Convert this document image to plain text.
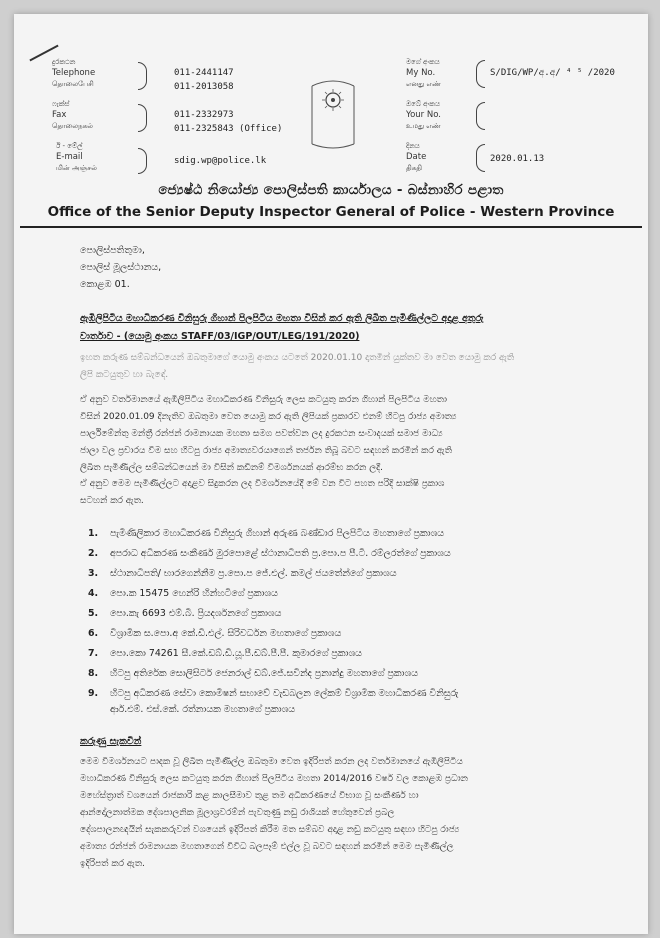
දුරකථන
Telephone
தொலைபேசி
011-2441147
011-2013058
ෆැක්ස්
Fax
தொலைநகல்
011-2332973
011-2325843 (Office)
ඊ - මේල්
E-mail
மின் அஞ்சல்
sdig.wp@police.lk
මගේ අංකය
My No.
எனது எண்
S/DIG/WP/අ.අ/ ⁴ ⁵ /2020
ඔබේ අංකය
Your No.
உமது எண்
දිනය
Date
திகதி
2020.01.13
ජ්‍යෙෂ්ඨ නියෝජ්‍ය පොලිස්පති කාර්යාලය - බස්නාහිර පළාත
Office of the Senior Deputy Inspector General of Police - Western Province
පොලිස්පතිතුමා,
පොලිස් මූලස්ථානය,
කොළඹ 01.
ඇඹිලිපිටිය මහාධිකරණ විනිසුරු ගිහාන් පිලපිටිය මහතා විසින් කර ඇති ලිඛිත පැමිණිල්ලට අදාළ අතුරු
වාර්තාව - (යොමු අංකය STAFF/03/IGP/OUT/LEG/191/2020)
ඉහත කරුණ සම්බන්ධයෙන් ඔබතුමාගේ යොමු අංකය යටතේ 2020.01.10 දාතමින් යුක්තව මා වෙත යොමු කර ඇති
ලිපි කටයුතුව හා බැඳේ.
ඒ අනුව වර්තමානයේ ඇඹිලිපිටිය මහාධිකරණ විනිසුරු ලෙස කටයුතු කරන ගිහාන් පිලපිටිය මහතා
විසින් 2020.01.09 දිනැතිව ඔබතුමා වෙත යොමු කර ඇති ලිපියක් ප්‍රකාරව එනම් හිටපු රාජ්‍ය අමාත්‍ය
පාර්ලිමේන්තු මන්ත්‍රී රන්ජන් රාමනායක මහතා සමග පවත්වන ලද දුරකථන සංවාදයක් සමාජ මාධ්‍ය
ජාලා වල ප්‍රචාරය වීම සහ හිටපු රාජ්‍ය අමාත්‍යවරයාගෙන් තර්ජන තිබූ බවට සඳහන් කරමින් කර ඇති
ලිඛිත පැමිණිල්ල සම්බන්ධයෙන් මා විසින් කඩිනම් විමර්ශනයක් ආරම්භ කරන ලදී.
ඒ අනුව මෙම පැමිණිල්ලට අදාළව සිදුකරන ලද විමර්ශනයේදී මේ වන විට පහත පරිදි සාක්ෂි ප්‍රකාශ
සටහන් කර ඇත.
1. පැමිණිලිකාර මහාධිකරණ විනිසුරු ගිහාන් අරුණ බණ්ඩාර පිලපිටිය මහතාගේ ප්‍රකාශය
2. අපරාධ අධිකරණ සංකීර්ණ මුරපොළේ ස්ථානාධිපති ප්‍ර.පො.ප පී.ටී. රම්ලරත්ගේ ප්‍රකාශය
3. ස්ථානාධිපති/ භාරගෙන්නීම ප්‍ර.පො.ප ජේ.එල්. කමල් ජයතේන්ගේ ප්‍රකාශය
4. පො.ක 15475 හෙන්රි හින්හටිගේ ප්‍රකාශය
5. පො.කැ 6693 එම්.බී. ප්‍රියදර්ශනගේ ප්‍රකාශය
6. විශ්‍රාමික ස.පො.අ කේ.ඩී.එල්. සිරිවර්ධන මහතාගේ ප්‍රකාශය
7. පො.කො 74261 සී.කේ.ඩබ්.ඩී.යූ.පී.ඩබ්.පී.පී. කුමාරගේ ප්‍රකාශය
8. හිටපු අතිරේක සොලිසිටර් ජෙනරාල් ඩබ්.ජේ.සවින්ද ප්‍රනාන්දු මහතාගේ ප්‍රකාශය
9. හිටපු අධිකරණ සේවා කොමිෂන් සභාවේ වැඩබලන ලේකම් විශ්‍රාමික මහාධිකරණ විනිසුරු
ආර්.එම්. එස්.කේ. රත්නායක මහතාගේ ප්‍රකාශය
කරුණු සැකවින්
මෙම විමර්ශනයට පාදක වූ ලිඛිත පැමිණිල්ල ඔබතුමා වෙත ඉදිරිපත් කරන ලද වර්තමානයේ ඇඹිලිපිටිය
මහාධිකරණ විනිසුරු ලෙස කටයුතු කරන ගිහාන් පිලපිටිය මහතා 2014/2016 වර්ෂ වල කොළඹ ප්‍රධාන
මහේස්ත්‍රාත් වශයෙන් රාජකාරි කළ කාලසීමාව තුළ තම අධිකරණයේ විභාග වූ සංකීර්ණ හා
ආන්දෝලනාත්මක දේශපාලනික මූලාශ්‍රවරම්න් පැවතුණු නඩු රාශියක් හේතුවෙන් ප්‍රබල
දේශපාලනඥයින් සැකකරුවන් වශයෙන් ඉදිරිපත් කිරීම මත සම්බව අදාළ නඩු කටයුතු සඳහා හිටපු රාජ්‍ය
අමාත්‍ය රන්ජන් රාමනායක මහතාගෙන් විවිධ බලපෑම් එල්ල වූ බවට සඳහන් කරමින් මෙම පැමිණිල්ල
ඉදිරිපත් කර ඇත.
